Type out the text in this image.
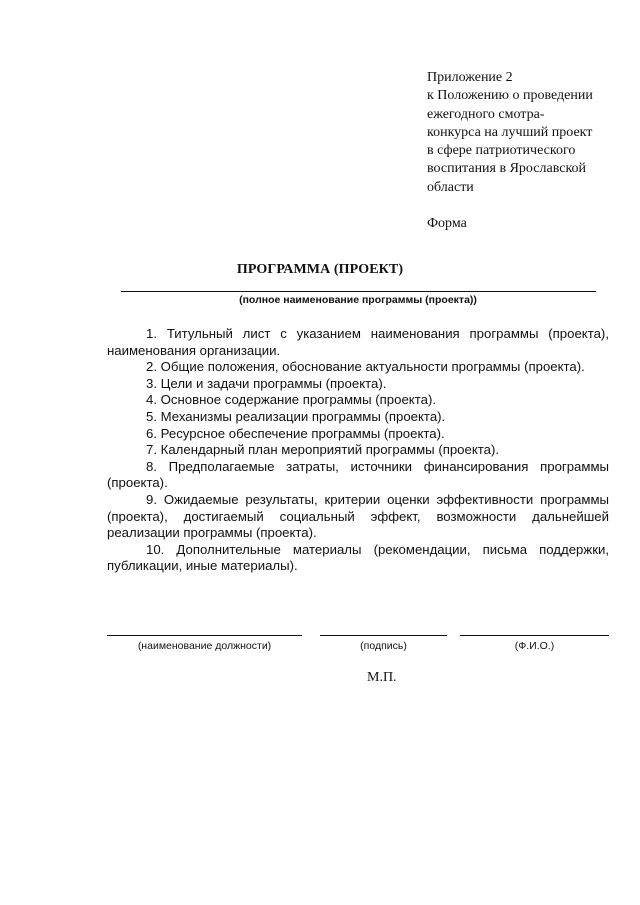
Приложение 2
к Положению о проведении
ежегодного смотра-
конкурса на лучший проект
в сфере патриотического
воспитания в Ярославской
области
Форма
ПРОГРАММА (ПРОЕКТ)
(полное наименование программы (проекта))

1. Титульный лист с указанием наименования программы (проекта), наименования организации.

2. Общие положения, обоснование актуальности программы (проекта).

3. Цели и задачи программы (проекта).

4. Основное содержание программы (проекта).

5. Механизмы реализации программы (проекта).

6. Ресурсное обеспечение программы (проекта).

7. Календарный план мероприятий программы (проекта).

8. Предполагаемые затраты, источники финансирования программы (проекта).

9. Ожидаемые результаты, критерии оценки эффективности программы (проекта), достигаемый социальный эффект, возможности дальнейшей реализации программы (проекта).

10. Дополнительные материалы (рекомендации, письма поддержки, публикации, иные материалы).

(наименование должности)	(подпись)	(Ф.И.О.)
М.П.
